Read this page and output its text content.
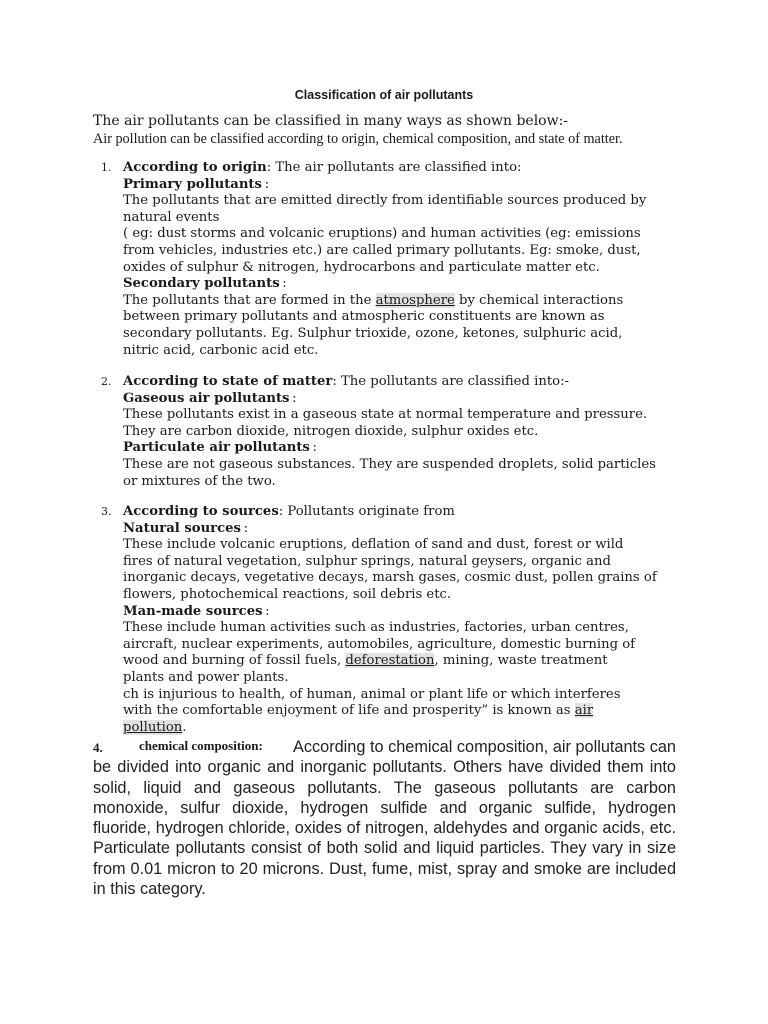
Classification of air pollutants
The air pollutants can be classified in many ways as shown below:-
Air pollution can be classified according to origin, chemical composition, and state of matter.
1. According to origin: The air pollutants are classified into:
Primary pollutants :
The pollutants that are emitted directly from identifiable sources produced by
natural events
( eg: dust storms and volcanic eruptions) and human activities (eg: emissions
from vehicles, industries etc.) are called primary pollutants. Eg: smoke, dust,
oxides of sulphur & nitrogen, hydrocarbons and particulate matter etc.
Secondary pollutants :
The pollutants that are formed in the atmosphere by chemical interactions
between primary pollutants and atmospheric constituents are known as
secondary pollutants. Eg. Sulphur trioxide, ozone, ketones, sulphuric acid,
nitric acid, carbonic acid etc.
2. According to state of matter: The pollutants are classified into:-
Gaseous air pollutants :
These pollutants exist in a gaseous state at normal temperature and pressure.
They are carbon dioxide, nitrogen dioxide, sulphur oxides etc.
Particulate air pollutants :
These are not gaseous substances. They are suspended droplets, solid particles
or mixtures of the two.
3. According to sources: Pollutants originate from
Natural sources :
These include volcanic eruptions, deflation of sand and dust, forest or wild
fires of natural vegetation, sulphur springs, natural geysers, organic and
inorganic decays, vegetative decays, marsh gases, cosmic dust, pollen grains of
flowers, photochemical reactions, soil debris etc.
Man-made sources :
These include human activities such as industries, factories, urban centres,
aircraft, nuclear experiments, automobiles, agriculture, domestic burning of
wood and burning of fossil fuels, deforestation, mining, waste treatment
plants and power plants.
ch is injurious to health, of human, animal or plant life or which interferes
with the comfortable enjoyment of life and prosperity” is known as air
pollution.
4.	chemical composition:	According to chemical composition, air pollutants can be divided into organic and inorganic pollutants. Others have divided them into solid, liquid and gaseous pollutants. The gaseous pollutants are carbon monoxide, sulfur dioxide, hydrogen sulfide and organic sulfide, hydrogen fluoride, hydrogen chloride, oxides of nitrogen, aldehydes and organic acids, etc. Particulate pollutants consist of both solid and liquid particles. They vary in size from 0.01 micron to 20 microns. Dust, fume, mist, spray and smoke are included in this category.
